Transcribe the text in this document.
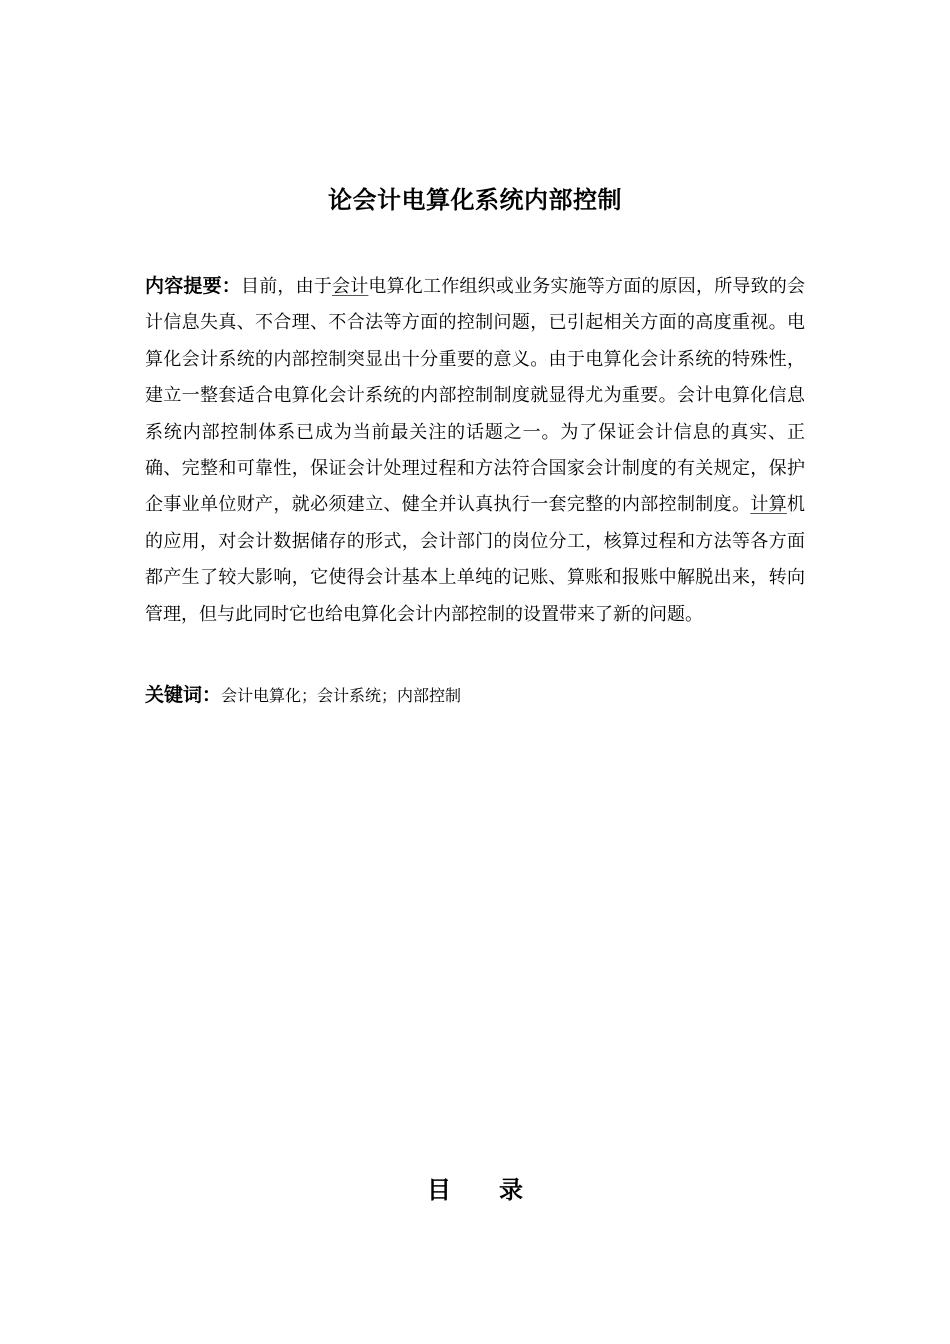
论会计电算化系统内部控制
内容提要：目前，由于会计电算化工作组织或业务实施等方面的原因，所导致的会计信息失真、不合理、不合法等方面的控制问题，已引起相关方面的高度重视。电算化会计系统的内部控制突显出十分重要的意义。由于电算化会计系统的特殊性，建立一整套适合电算化会计系统的内部控制制度就显得尤为重要。会计电算化信息系统内部控制体系已成为当前最关注的话题之一。为了保证会计信息的真实、正确、完整和可靠性，保证会计处理过程和方法符合国家会计制度的有关规定，保护企事业单位财产，就必须建立、健全并认真执行一套完整的内部控制制度。计算机的应用，对会计数据储存的形式，会计部门的岗位分工，核算过程和方法等各方面都产生了较大影响，它使得会计基本上单纯的记账、算账和报账中解脱出来，转向管理，但与此同时它也给电算化会计内部控制的设置带来了新的问题。
关键词：会计电算化；会计系统；内部控制
目　　录
